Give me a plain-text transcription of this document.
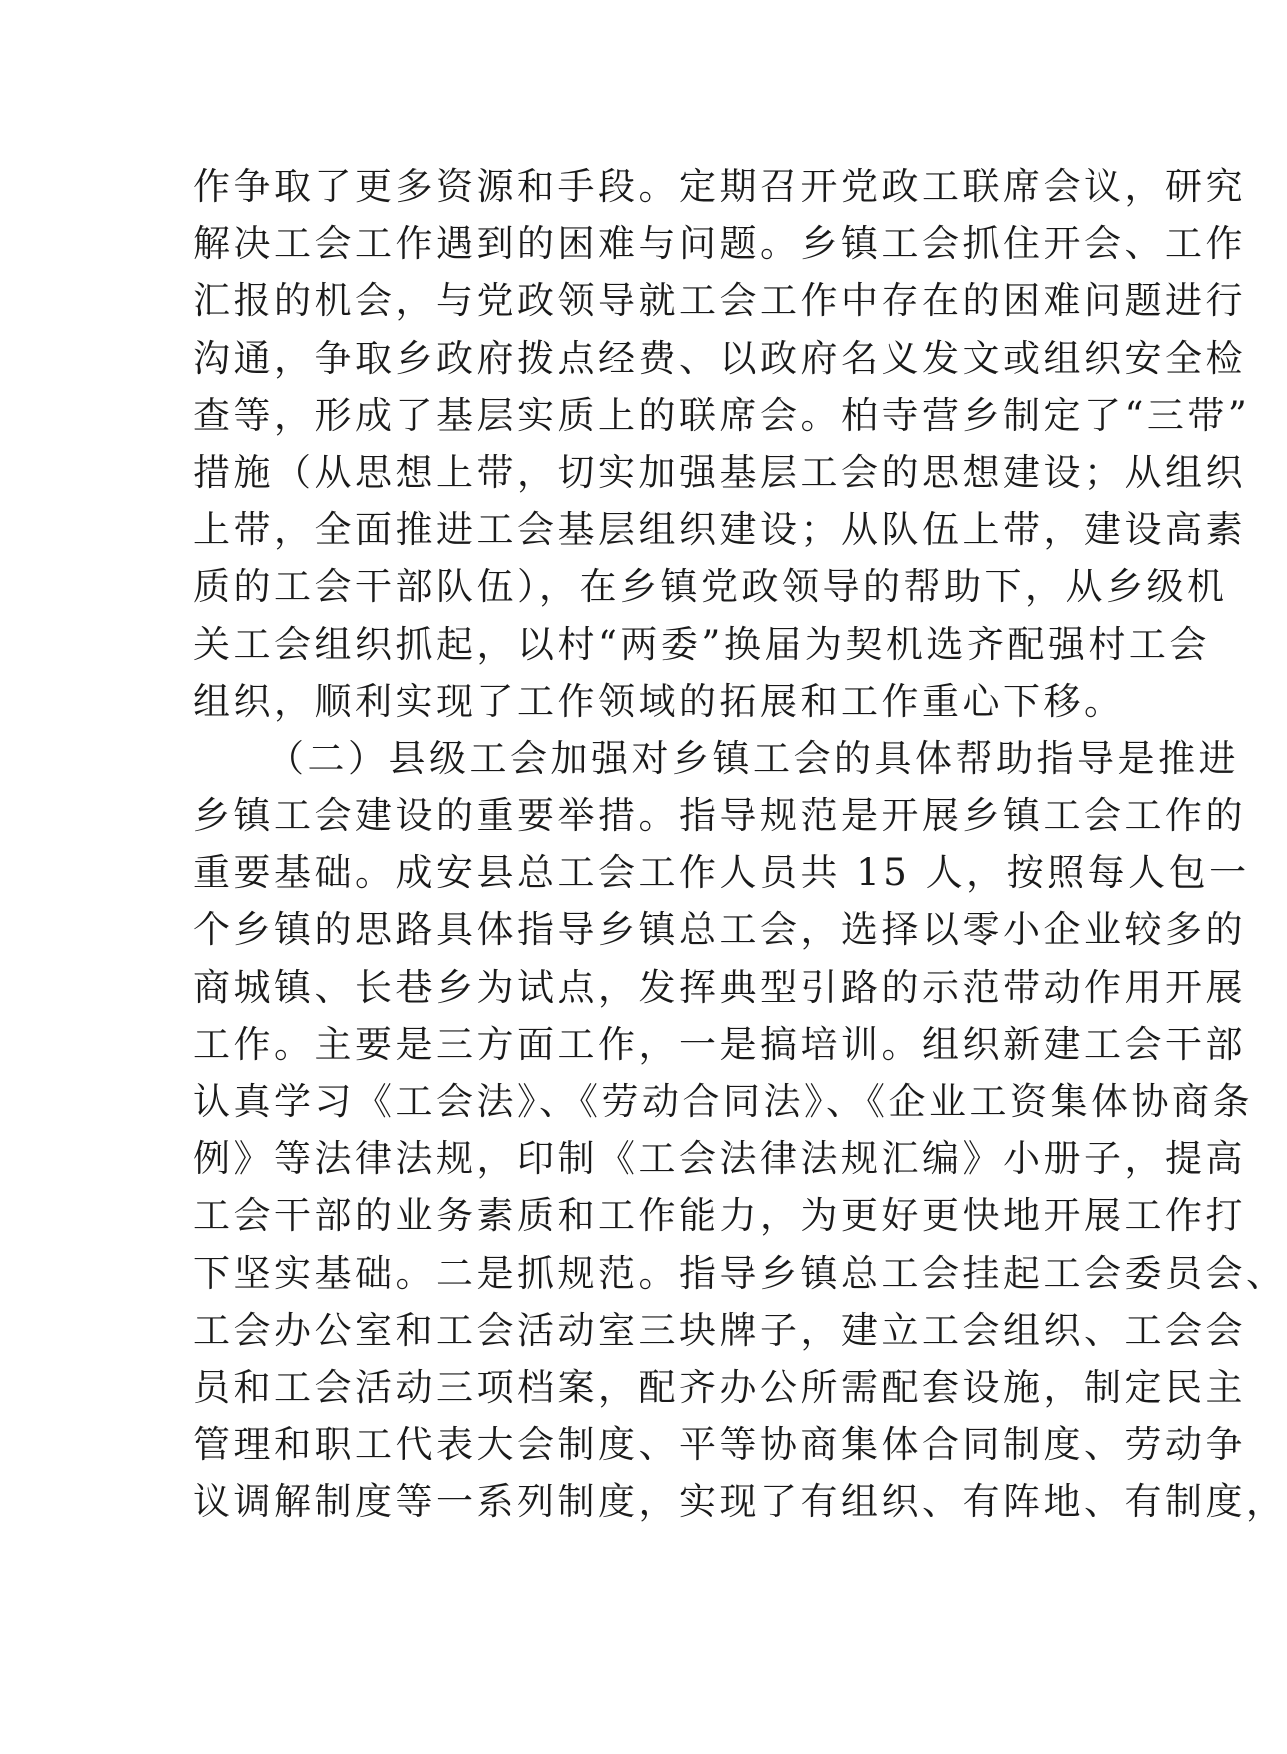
作争取了更多资源和手段。定期召开党政工联席会议，研究
解决工会工作遇到的困难与问题。乡镇工会抓住开会、工作
汇报的机会，与党政领导就工会工作中存在的困难问题进行
沟通，争取乡政府拨点经费、以政府名义发文或组织安全检
查等，形成了基层实质上的联席会。柏寺营乡制定了“三带”
措施（从思想上带，切实加强基层工会的思想建设；从组织
上带，全面推进工会基层组织建设；从队伍上带，建设高素
质的工会干部队伍），在乡镇党政领导的帮助下，从乡级机
关工会组织抓起，以村“两委”换届为契机选齐配强村工会
组织，顺利实现了工作领域的拓展和工作重心下移。
（二）县级工会加强对乡镇工会的具体帮助指导是推进
乡镇工会建设的重要举措。指导规范是开展乡镇工会工作的
重要基础。成安县总工会工作人员共 15 人，按照每人包一
个乡镇的思路具体指导乡镇总工会，选择以零小企业较多的
商城镇、长巷乡为试点，发挥典型引路的示范带动作用开展
工作。主要是三方面工作，一是搞培训。组织新建工会干部
认真学习《工会法》、《劳动合同法》、《企业工资集体协商条
例》等法律法规，印制《工会法律法规汇编》小册子，提高
工会干部的业务素质和工作能力，为更好更快地开展工作打
下坚实基础。二是抓规范。指导乡镇总工会挂起工会委员会、
工会办公室和工会活动室三块牌子，建立工会组织、工会会
员和工会活动三项档案，配齐办公所需配套设施，制定民主
管理和职工代表大会制度、平等协商集体合同制度、劳动争
议调解制度等一系列制度，实现了有组织、有阵地、有制度，
